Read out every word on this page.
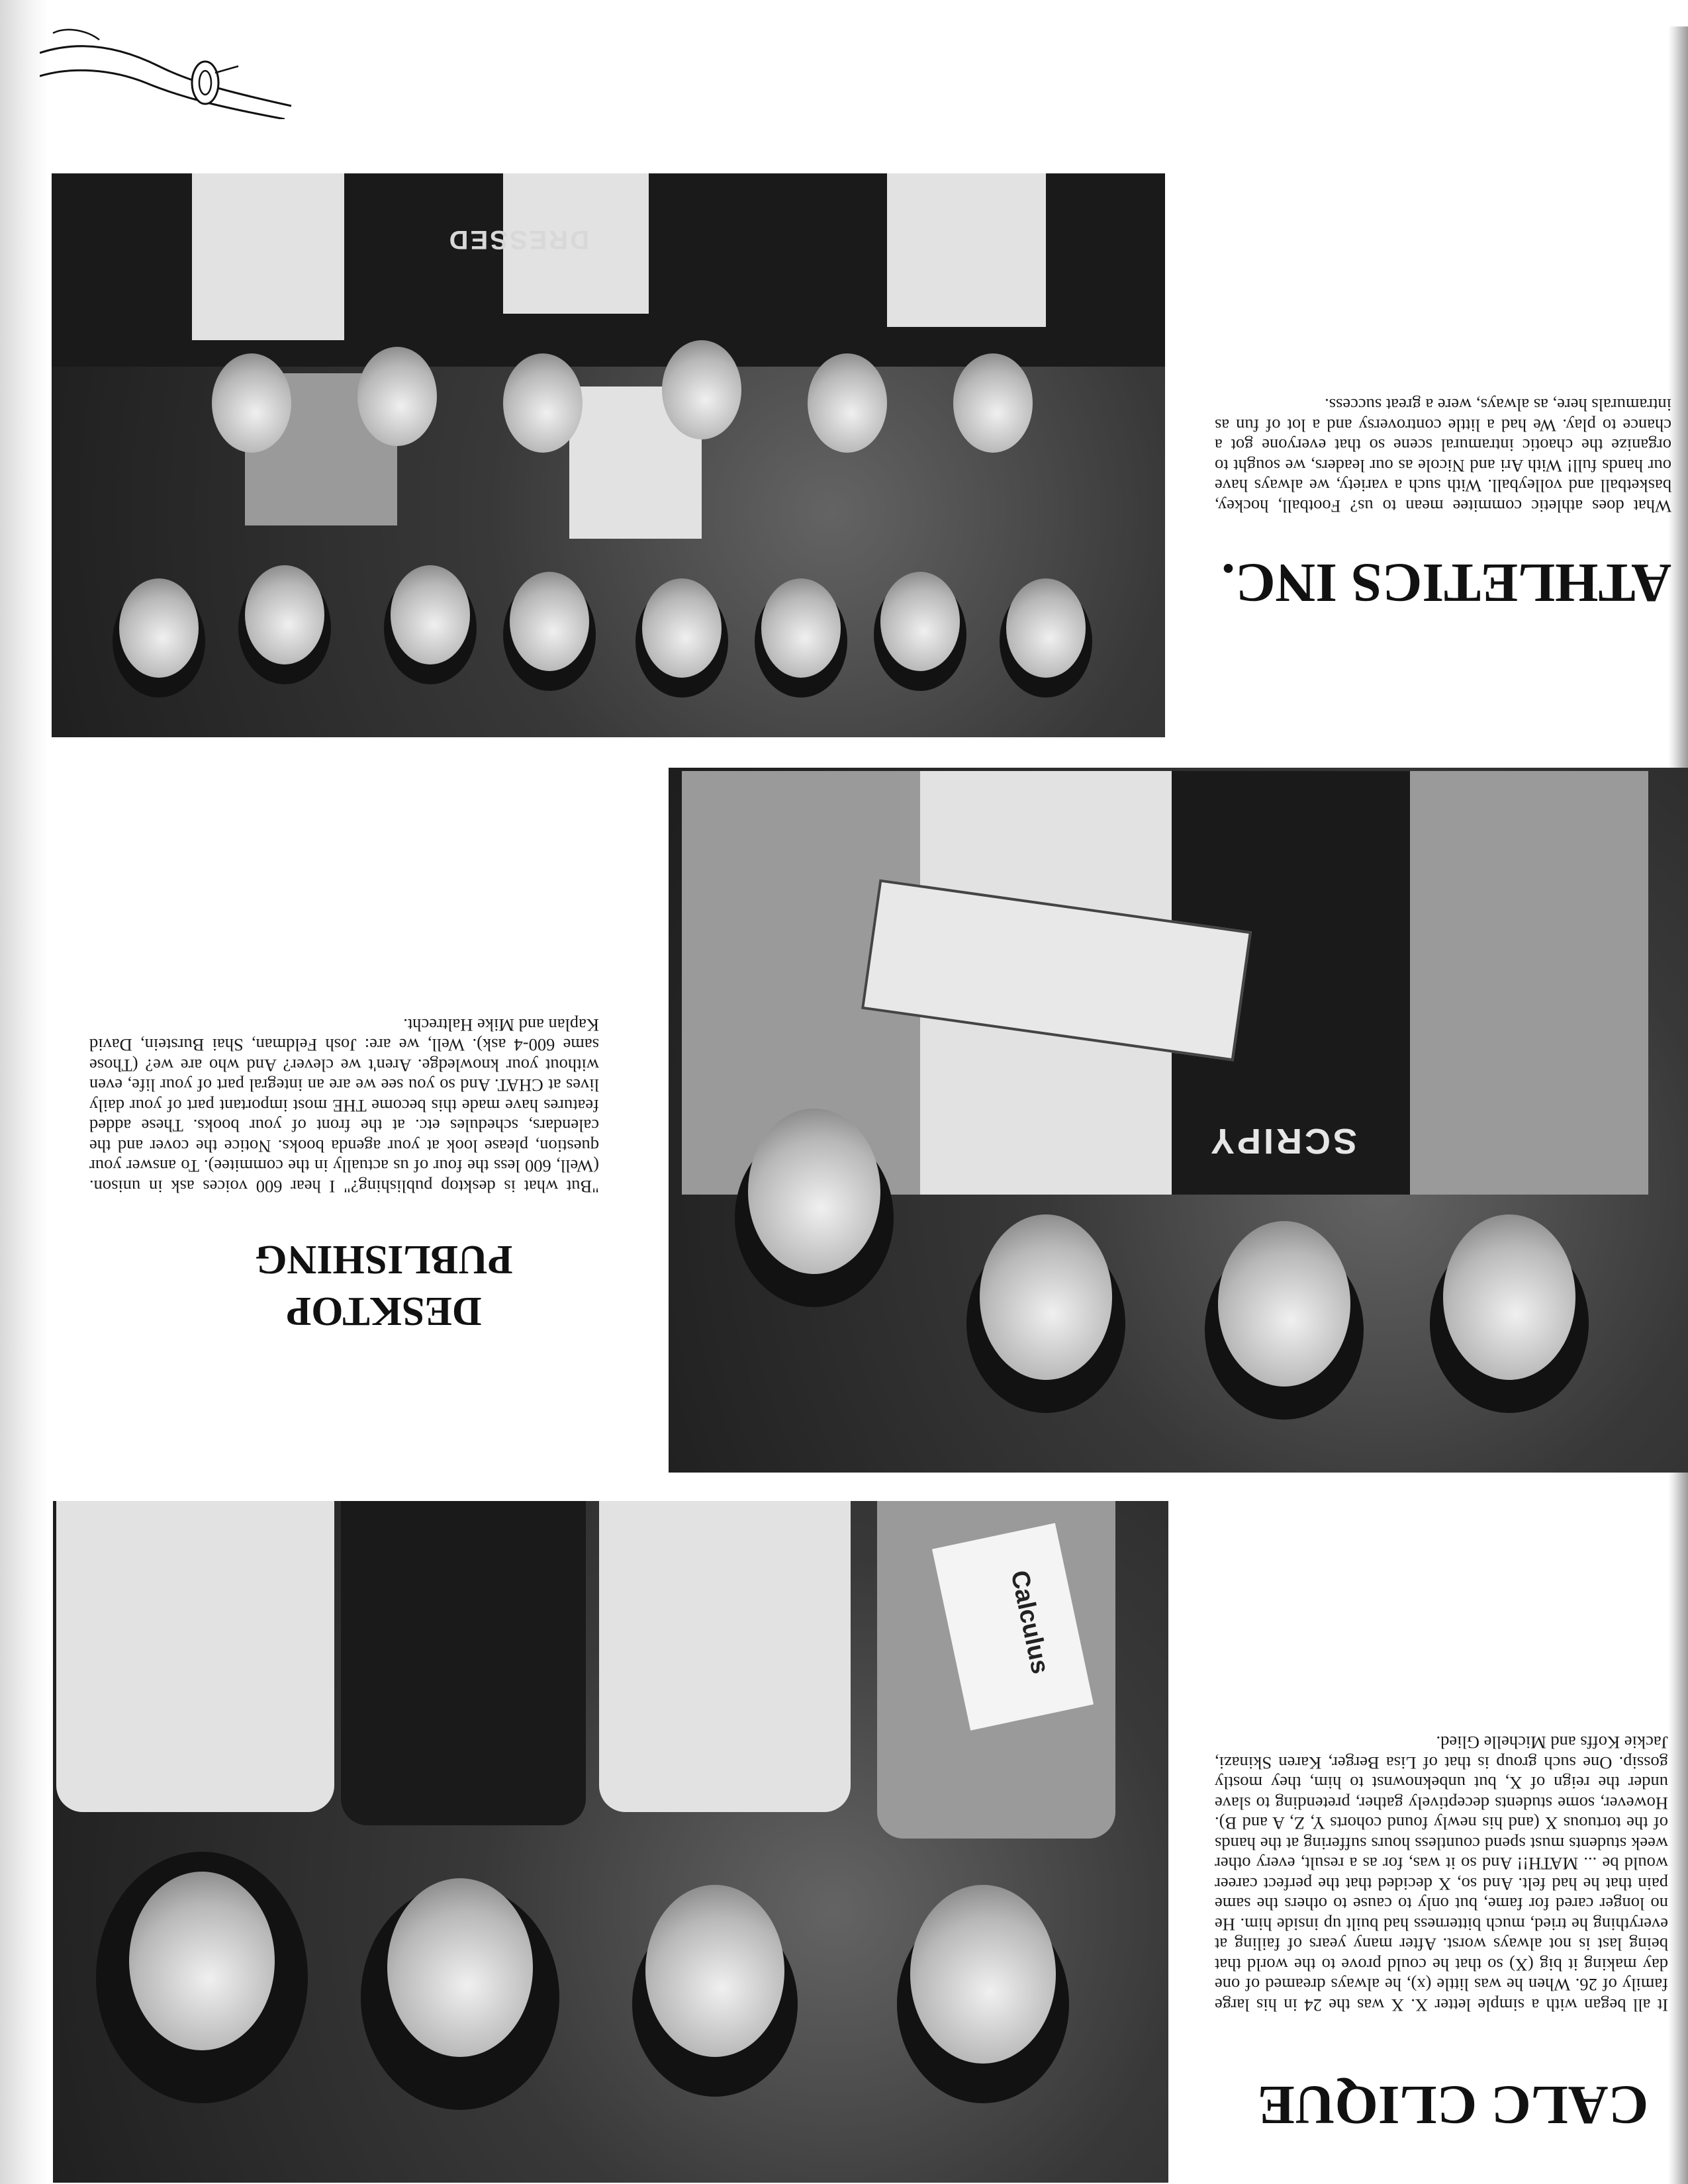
CALC CLIQUE

It all began with a simple letter X. X was the 24 in his large family of 26. When he was little (x), he always dreamed of one day making it big (X) so that he could prove to the world that being last is not always worst. After many years of failing at everything he tried, much bitterness had built up inside him. He no longer cared for fame, but only to cause to others the same pain that he had felt. And so, X decided that the perfect career would be ... MATH!! And so it was, for as a result, every other week students must spend countless hours suffering at the hands of the tortuous X (and his newly found cohorts Y, Z, A and B). However, some students deceptively gather, pretending to slave under the reign of X, but unbeknownst to him, they mostly gossip. One such group is that of Lisa Berger, Karen Skinazi, Jackie Koffs and Michelle Glied.

Calculus
DESKTOP
PUBLISHING

"But what is desktop publishing?" I hear 600 voices ask in unison. (Well, 600 less the four of us actually in the commitee). To answer your question, please look at your agenda books. Notice the cover and the calendars, schedules etc. at the front of your books. These added features have made this become THE most important part of your daily lives at CHAT. And so you see we are an integral part of your life, even without your knowledge. Aren't we clever? And who are we? (Those same 600-4 ask). Well, we are: Josh Feldman, Shai Burstein, David Kaplan and Mike Haltrecht.

SCRIPY
ATHLETICS INC.

What does athletic commitee mean to us? Football, hockey, basketball and volleyball. With such a variety, we always have our hands full! With Ari and Nicole as our leaders, we sought to organize the chaotic intramural scene so that everyone got a chance to play. We had a little controversy and a lot of fun as intramurals here, as always, were a great success.

DRESSED
